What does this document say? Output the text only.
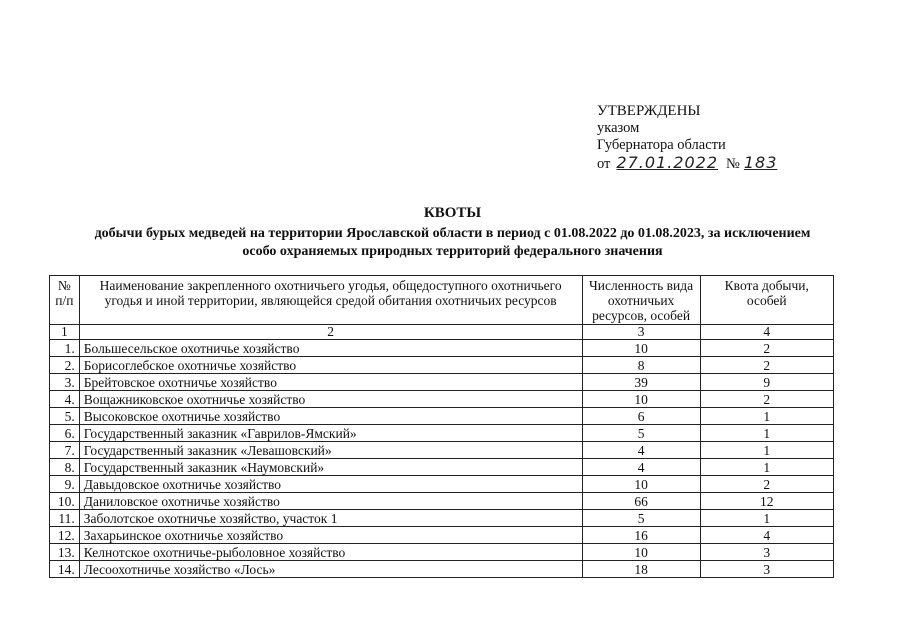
УТВЕРЖДЕНЫ
указом
Губернатора области
от 27.01.2022 № 183
КВОТЫ
добычи бурых медведей на территории Ярославской области в период с 01.08.2022 до 01.08.2023, за исключением
особо охраняемых природных территорий федерального значения
№ п/п	Наименование закрепленного охотничьего угодья, общедоступного охотничьего угодья и иной территории, являющейся средой обитания охотничьих ресурсов	Численность вида охотничьих ресурсов, особей	Квота добычи, особей
1	2	3	4
1.	Большесельское охотничье хозяйство	10	2
2.	Борисоглебское охотничье хозяйство	8	2
3.	Брейтовское охотничье хозяйство	39	9
4.	Вощажниковское охотничье хозяйство	10	2
5.	Высоковское охотничье хозяйство	6	1
6.	Государственный заказник «Гаврилов-Ямский»	5	1
7.	Государственный заказник «Левашовский»	4	1
8.	Государственный заказник «Наумовский»	4	1
9.	Давыдовское охотничье хозяйство	10	2
10.	Даниловское охотничье хозяйство	66	12
11.	Заболотское охотничье хозяйство, участок 1	5	1
12.	Захарьинское охотничье хозяйство	16	4
13.	Келнотское охотничье-рыболовное хозяйство	10	3
14.	Лесоохотничье хозяйство «Лось»	18	3
